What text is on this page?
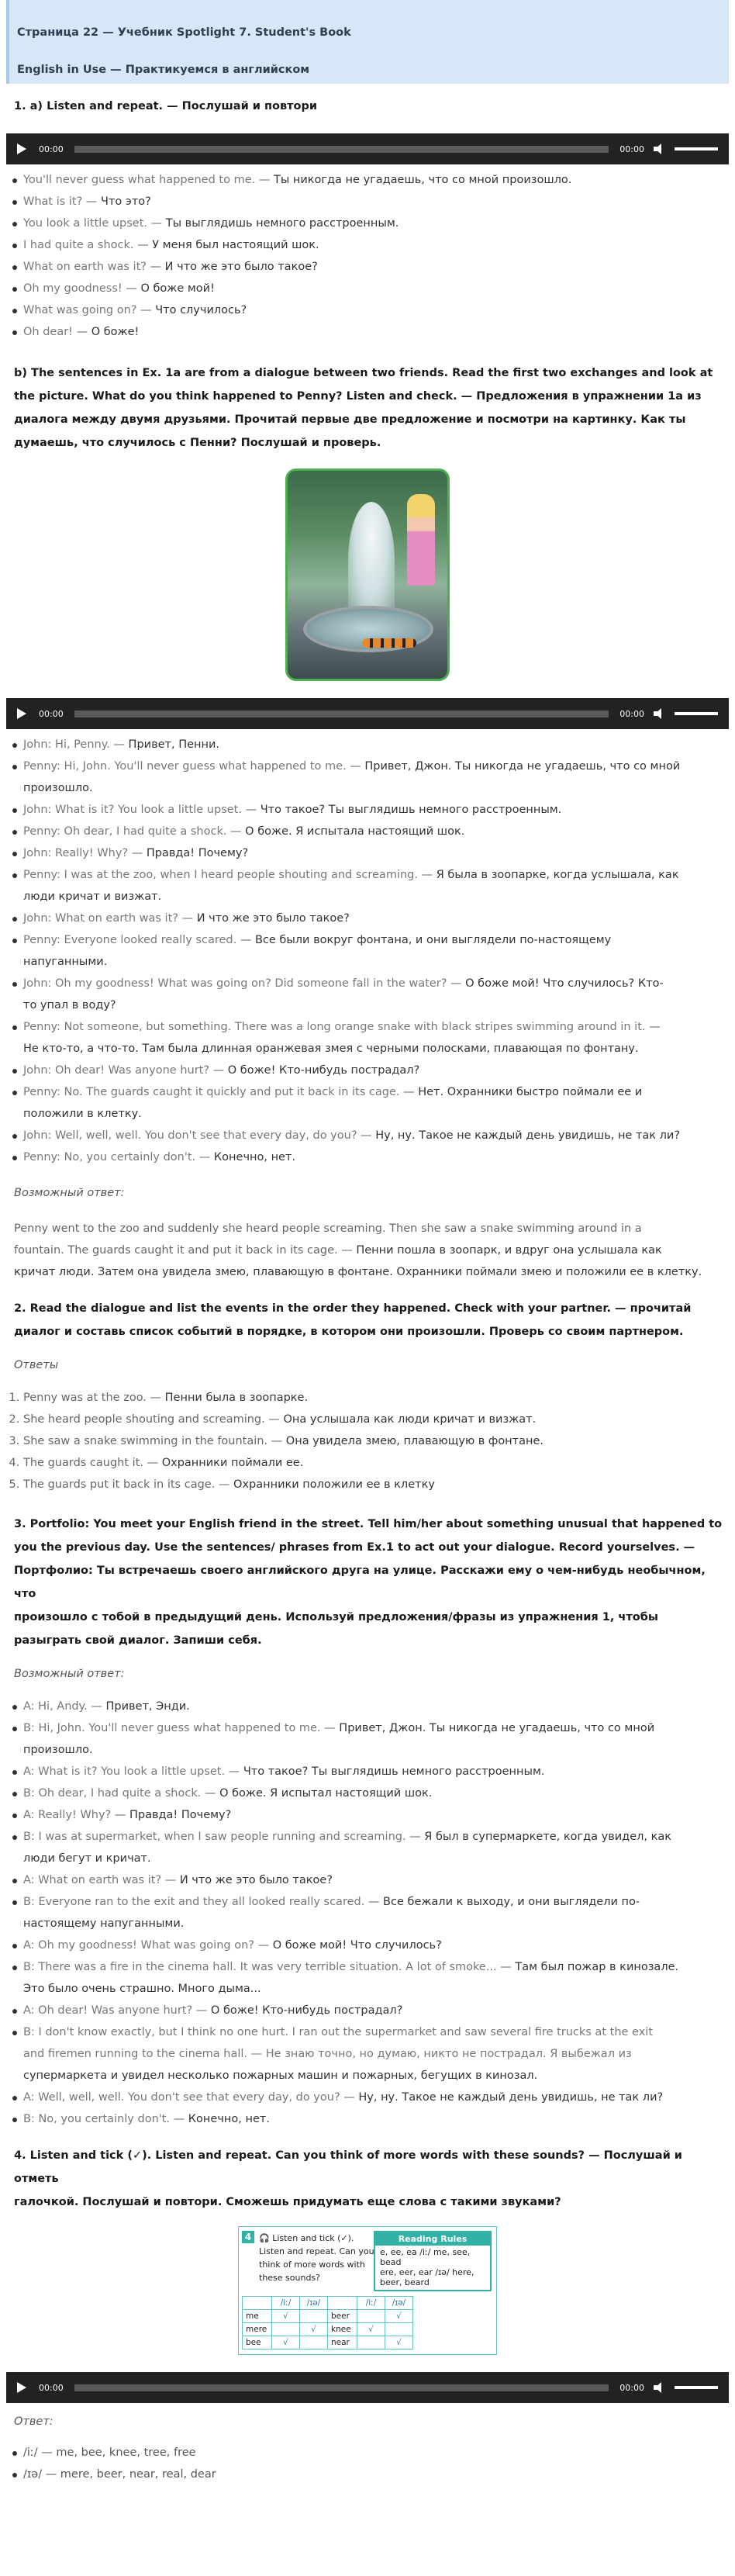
Страница 22 — Учебник Spotlight 7. Student's Book
English in Use — Практикуемся в английском
1. a) Listen and repeat. — Послушай и повтори
00:00	00:00
You'll never guess what happened to me. — Ты никогда не угадаешь, что со мной произошло.
What is it? — Что это?
You look a little upset. — Ты выглядишь немного расстроенным.
I had quite a shock. — У меня был настоящий шок.
What on earth was it? — И что же это было такое?
Oh my goodness! — О боже мой!
What was going on? — Что случилось?
Oh dear! — О боже!
b) The sentences in Ex. 1a are from a dialogue between two friends. Read the first two exchanges and look at
the picture. What do you think happened to Penny? Listen and check. — Предложения в упражнении 1а из
диалога между двумя друзьями. Прочитай первые две предложение и посмотри на картинку. Как ты
думаешь, что случилось с Пенни? Послушай и проверь.
00:00	00:00
John: Hi, Penny. — Привет, Пенни.
Penny: Hi, John. You'll never guess what happened to me. — Привет, Джон. Ты никогда не угадаешь, что со мной
произошло.
John: What is it? You look a little upset. — Что такое? Ты выглядишь немного расстроенным.
Penny: Oh dear, I had quite a shock. — О боже. Я испытала настоящий шок.
John: Really! Why? — Правда! Почему?
Penny: I was at the zoo, when I heard people shouting and screaming. — Я была в зоопарке, когда услышала, как
люди кричат и визжат.
John: What on earth was it? — И что же это было такое?
Penny: Everyone looked really scared. — Все были вокруг фонтана, и они выглядели по-настоящему
напуганными.
John: Oh my goodness! What was going on? Did someone fall in the water? — О боже мой! Что случилось? Кто-
то упал в воду?
Penny: Not someone, but something. There was a long orange snake with black stripes swimming around in it. —
Не кто-то, а что-то. Там была длинная оранжевая змея с черными полосками, плавающая по фонтану.
John: Oh dear! Was anyone hurt? — О боже! Кто-нибудь пострадал?
Penny: No. The guards caught it quickly and put it back in its cage. — Нет. Охранники быстро поймали ее и
положили в клетку.
John: Well, well, well. You don't see that every day, do you? — Ну, ну. Такое не каждый день увидишь, не так ли?
Penny: No, you certainly don't. — Конечно, нет.
Возможный ответ:
Penny went to the zoo and suddenly she heard people screaming. Then she saw a snake swimming around in a
fountain. The guards caught it and put it back in its cage. — Пенни пошла в зоопарк, и вдруг она услышала как
кричат люди. Затем она увидела змею, плавающую в фонтане. Охранники поймали змею и положили ее в клетку.
2. Read the dialogue and list the events in the order they happened. Check with your partner. — прочитай
диалог и составь список событий в порядке, в котором они произошли. Проверь со своим партнером.
Ответы
1. Penny was at the zoo. — Пенни была в зоопарке.
2. She heard people shouting and screaming. — Она услышала как люди кричат и визжат.
3. She saw a snake swimming in the fountain. — Она увидела змею, плавающую в фонтане.
4. The guards caught it. — Охранники поймали ее.
5. The guards put it back in its cage. — Охранники положили ее в клетку
3. Portfolio: You meet your English friend in the street. Tell him/her about something unusual that happened to
you the previous day. Use the sentences/ phrases from Ex.1 to act out your dialogue. Record yourselves. —
Портфолио: Ты встречаешь своего английского друга на улице. Расскажи ему о чем-нибудь необычном, что
произошло с тобой в предыдущий день. Используй предложения/фразы из упражнения 1, чтобы
разыграть свой диалог. Запиши себя.
Возможный ответ:
A: Hi, Andy. — Привет, Энди.
B: Hi, John. You'll never guess what happened to me. — Привет, Джон. Ты никогда не угадаешь, что со мной
произошло.
A: What is it? You look a little upset. — Что такое? Ты выглядишь немного расстроенным.
B: Oh dear, I had quite a shock. — О боже. Я испытал настоящий шок.
A: Really! Why? — Правда! Почему?
B: I was at supermarket, when I saw people running and screaming. — Я был в супермаркете, когда увидел, как
люди бегут и кричат.
A: What on earth was it? — И что же это было такое?
B: Everyone ran to the exit and they all looked really scared. — Все бежали к выходу, и они выглядели по-
настоящему напуганными.
A: Oh my goodness! What was going on? — О боже мой! Что случилось?
B: There was a fire in the cinema hall. It was very terrible situation. A lot of smoke... — Там был пожар в кинозале.
Это было очень страшно. Много дыма...
A: Oh dear! Was anyone hurt? — О боже! Кто-нибудь пострадал?
B: I don't know exactly, but I think no one hurt. I ran out the supermarket and saw several fire trucks at the exit
and firemen running to the cinema hall. — Не знаю точно, но думаю, никто не пострадал. Я выбежал из
супермаркета и увидел несколько пожарных машин и пожарных, бегущих в кинозал.
A: Well, well, well. You don't see that every day, do you? — Ну, ну. Такое не каждый день увидишь, не так ли?
B: No, you certainly don't. — Конечно, нет.
4. Listen and tick (✓). Listen and repeat. Can you think of more words with these sounds? — Послушай и отметь
галочкой. Послушай и повтори. Сможешь придумать еще слова с такими звуками?
4 🎧 Listen and tick (✓).
Listen and repeat. Can you
think of more words with
these sounds?
Reading Rules
e, ee, ea /iː/ me, see,
bead
ere, eer, ear /ɪə/ here,
beer, beard
	/iː/	/ɪə/		/iː/	/ɪə/
me	√		beer		√
mere		√	knee	√	
bee	√		near		√
00:00	00:00
Ответ:
/iː/ — me, bee, knee, tree, free
/ɪə/ — mere, beer, near, real, dear
